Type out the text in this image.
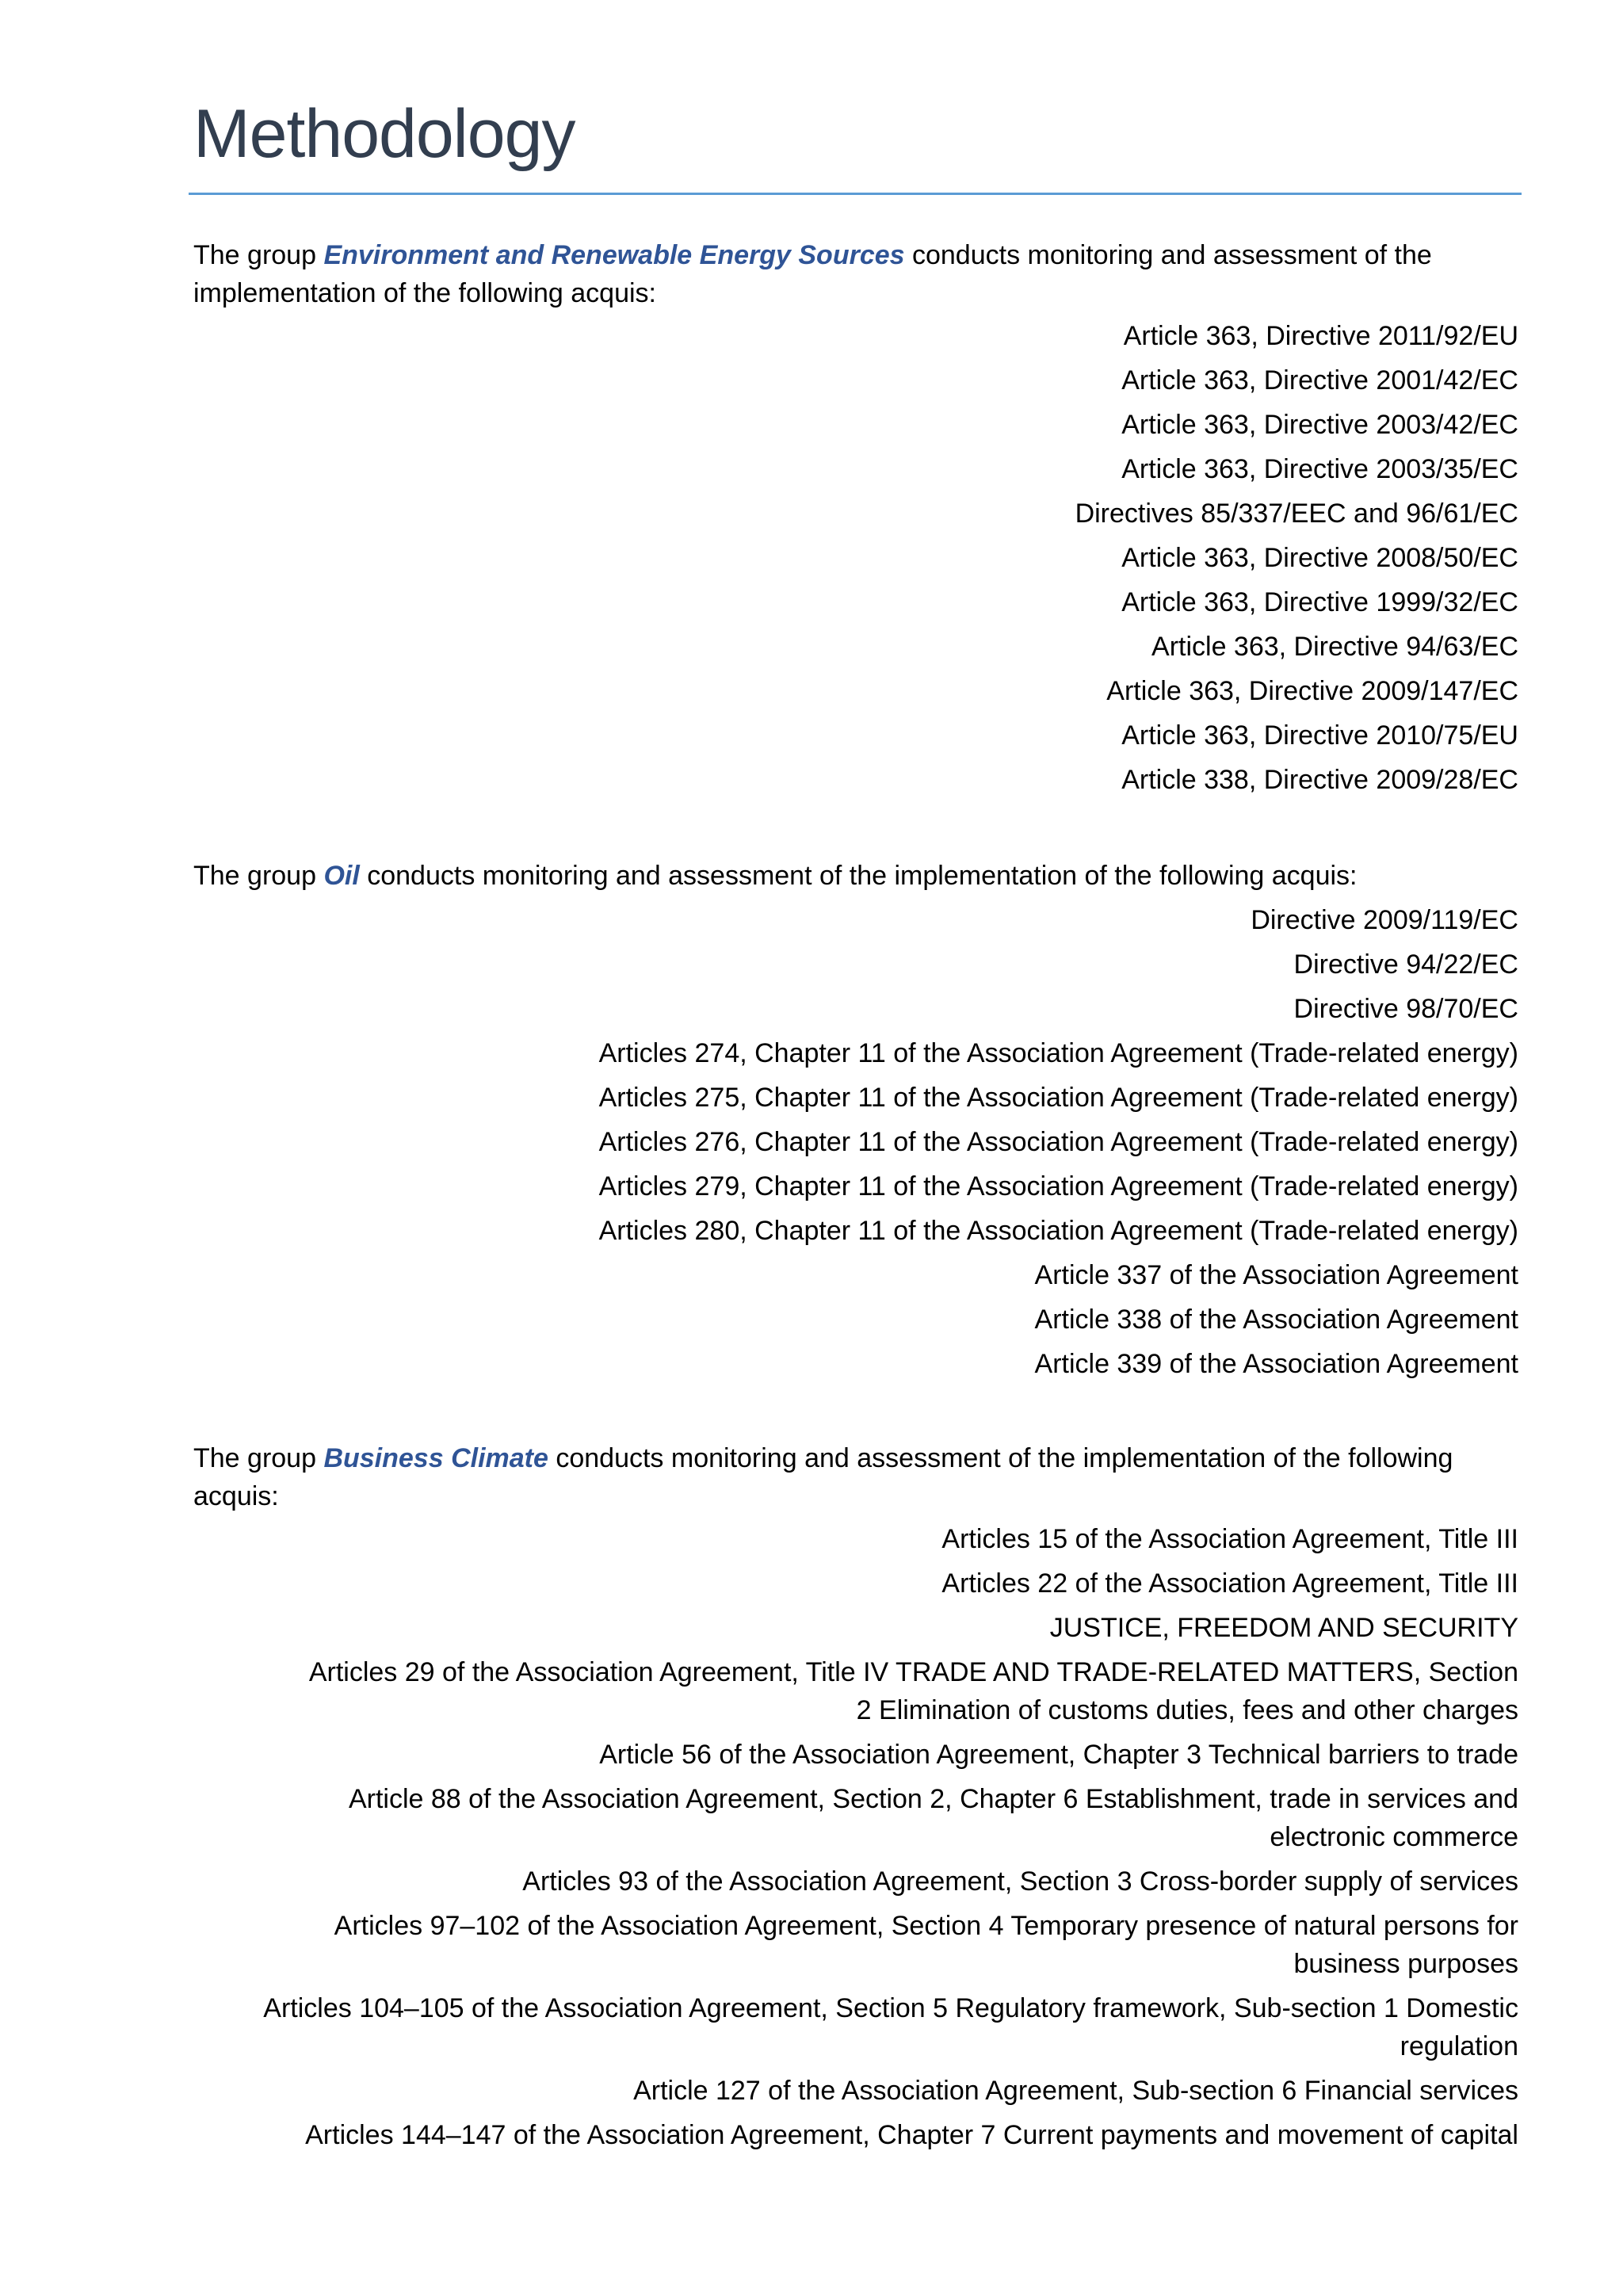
Methodology

The group Environment and Renewable Energy Sources conducts monitoring and assessment of the implementation of the following acquis:

Article 363, Directive 2011/92/EU
Article 363, Directive 2001/42/EC
Article 363, Directive 2003/42/EC
Article 363, Directive 2003/35/EC
Directives 85/337/EEC and 96/61/EC
Article 363, Directive 2008/50/EC
Article 363, Directive 1999/32/EC
Article 363, Directive 94/63/EC
Article 363, Directive 2009/147/EC
Article 363, Directive 2010/75/EU
Article 338, Directive 2009/28/EC

The group Oil conducts monitoring and assessment of the implementation of the following acquis:

Directive 2009/119/EC
Directive 94/22/EC
Directive 98/70/EC
Articles 274, Chapter 11 of the Association Agreement (Trade-related energy)
Articles 275, Chapter 11 of the Association Agreement (Trade-related energy)
Articles 276, Chapter 11 of the Association Agreement (Trade-related energy)
Articles 279, Chapter 11 of the Association Agreement (Trade-related energy)
Articles 280, Chapter 11 of the Association Agreement (Trade-related energy)
Article 337 of the Association Agreement
Article 338 of the Association Agreement
Article 339 of the Association Agreement

The group Business Climate conducts monitoring and assessment of the implementation of the following acquis:

Articles 15 of the Association Agreement, Title III
Articles 22 of the Association Agreement, Title III
JUSTICE, FREEDOM AND SECURITY
Articles 29 of the Association Agreement, Title IV TRADE AND TRADE-RELATED MATTERS, Section 2 Elimination of customs duties, fees and other charges
Article 56 of the Association Agreement, Chapter 3 Technical barriers to trade
Article 88 of the Association Agreement, Section 2, Chapter 6 Establishment, trade in services and electronic commerce
Articles 93 of the Association Agreement, Section 3 Cross-border supply of services
Articles 97–102 of the Association Agreement, Section 4 Temporary presence of natural persons for business purposes
Articles 104–105 of the Association Agreement, Section 5 Regulatory framework, Sub-section 1 Domestic regulation
Article 127 of the Association Agreement, Sub-section 6 Financial services
Articles 144–147 of the Association Agreement, Chapter 7 Current payments and movement of capital
